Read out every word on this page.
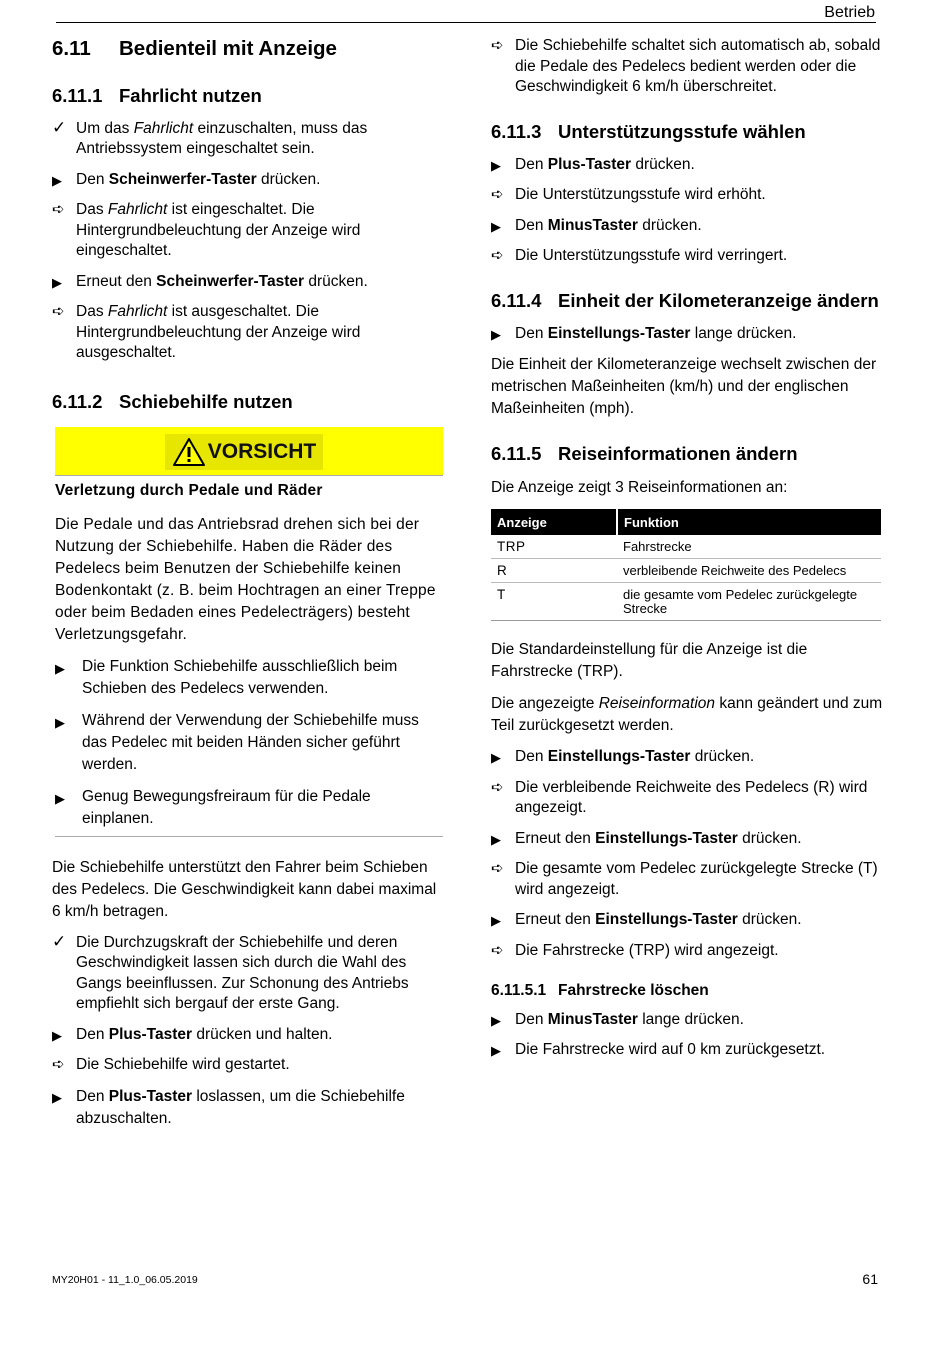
Betrieb
6.11 Bedienteil mit Anzeige
6.11.1 Fahrlicht nutzen
✓ Um das Fahrlicht einzuschalten, muss das Antriebssystem eingeschaltet sein.
▶ Den Scheinwerfer-Taster drücken.
➪ Das Fahrlicht ist eingeschaltet. Die Hintergrundbeleuchtung der Anzeige wird eingeschaltet.
▶ Erneut den Scheinwerfer-Taster drücken.
➪ Das Fahrlicht ist ausgeschaltet. Die Hintergrundbeleuchtung der Anzeige wird ausgeschaltet.
6.11.2 Schiebehilfe nutzen
VORSICHT
Verletzung durch Pedale und Räder

Die Pedale und das Antriebsrad drehen sich bei der Nutzung der Schiebehilfe. Haben die Räder des Pedelecs beim Benutzen der Schiebehilfe keinen Bodenkontakt (z. B. beim Hochtragen an einer Treppe oder beim Bedaden eines Pedelecträgers) besteht Verletzungsgefahr.

▶	Die Funktion Schiebehilfe ausschließlich beim Schieben des Pedelecs verwenden.
▶	Während der Verwendung der Schiebehilfe muss das Pedelec mit beiden Händen sicher geführt werden.
▶	Genug Bewegungsfreiraum für die Pedale einplanen.

Die Schiebehilfe unterstützt den Fahrer beim Schieben des Pedelecs. Die Geschwindigkeit kann dabei maximal 6 km/h betragen.

✓ Die Durchzugskraft der Schiebehilfe und deren Geschwindigkeit lassen sich durch die Wahl des Gangs beeinflussen. Zur Schonung des Antriebs empfiehlt sich bergauf der erste Gang.
▶ Den Plus-Taster drücken und halten.
➪ Die Schiebehilfe wird gestartet.
▶ Den Plus-Taster loslassen, um die Schiebehilfe abzuschalten.
➪ Die Schiebehilfe schaltet sich automatisch ab, sobald die Pedale des Pedelecs bedient werden oder die Geschwindigkeit 6 km/h überschreitet.
6.11.3 Unterstützungsstufe wählen
▶ Den Plus-Taster drücken.
➪ Die Unterstützungsstufe wird erhöht.
▶ Den MinusTaster drücken.
➪ Die Unterstützungsstufe wird verringert.
6.11.4 Einheit der Kilometeranzeige ändern
▶ Den Einstellungs-Taster lange drücken.

Die Einheit der Kilometeranzeige wechselt zwischen der metrischen Maßeinheiten (km/h) und der englischen Maßeinheiten (mph).

6.11.5 Reiseinformationen ändern

Die Anzeige zeigt 3 Reiseinformationen an:

Anzeige	Funktion
TRP	Fahrstrecke
R	verbleibende Reichweite des Pedelecs
T	die gesamte vom Pedelec zurückgelegte Strecke

Die Standardeinstellung für die Anzeige ist die Fahrstrecke (TRP).

Die angezeigte Reiseinformation kann geändert und zum Teil zurückgesetzt werden.

▶ Den Einstellungs-Taster drücken.
➪ Die verbleibende Reichweite des Pedelecs (R) wird angezeigt.
▶ Erneut den Einstellungs-Taster drücken.
➪ Die gesamte vom Pedelec zurückgelegte Strecke (T) wird angezeigt.
▶ Erneut den Einstellungs-Taster drücken.
➪ Die Fahrstrecke (TRP) wird angezeigt.
6.11.5.1 Fahrstrecke löschen
▶ Den MinusTaster lange drücken.
▶ Die Fahrstrecke wird auf 0 km zurückgesetzt.
MY20H01 - 11_1.0_06.05.2019	61
